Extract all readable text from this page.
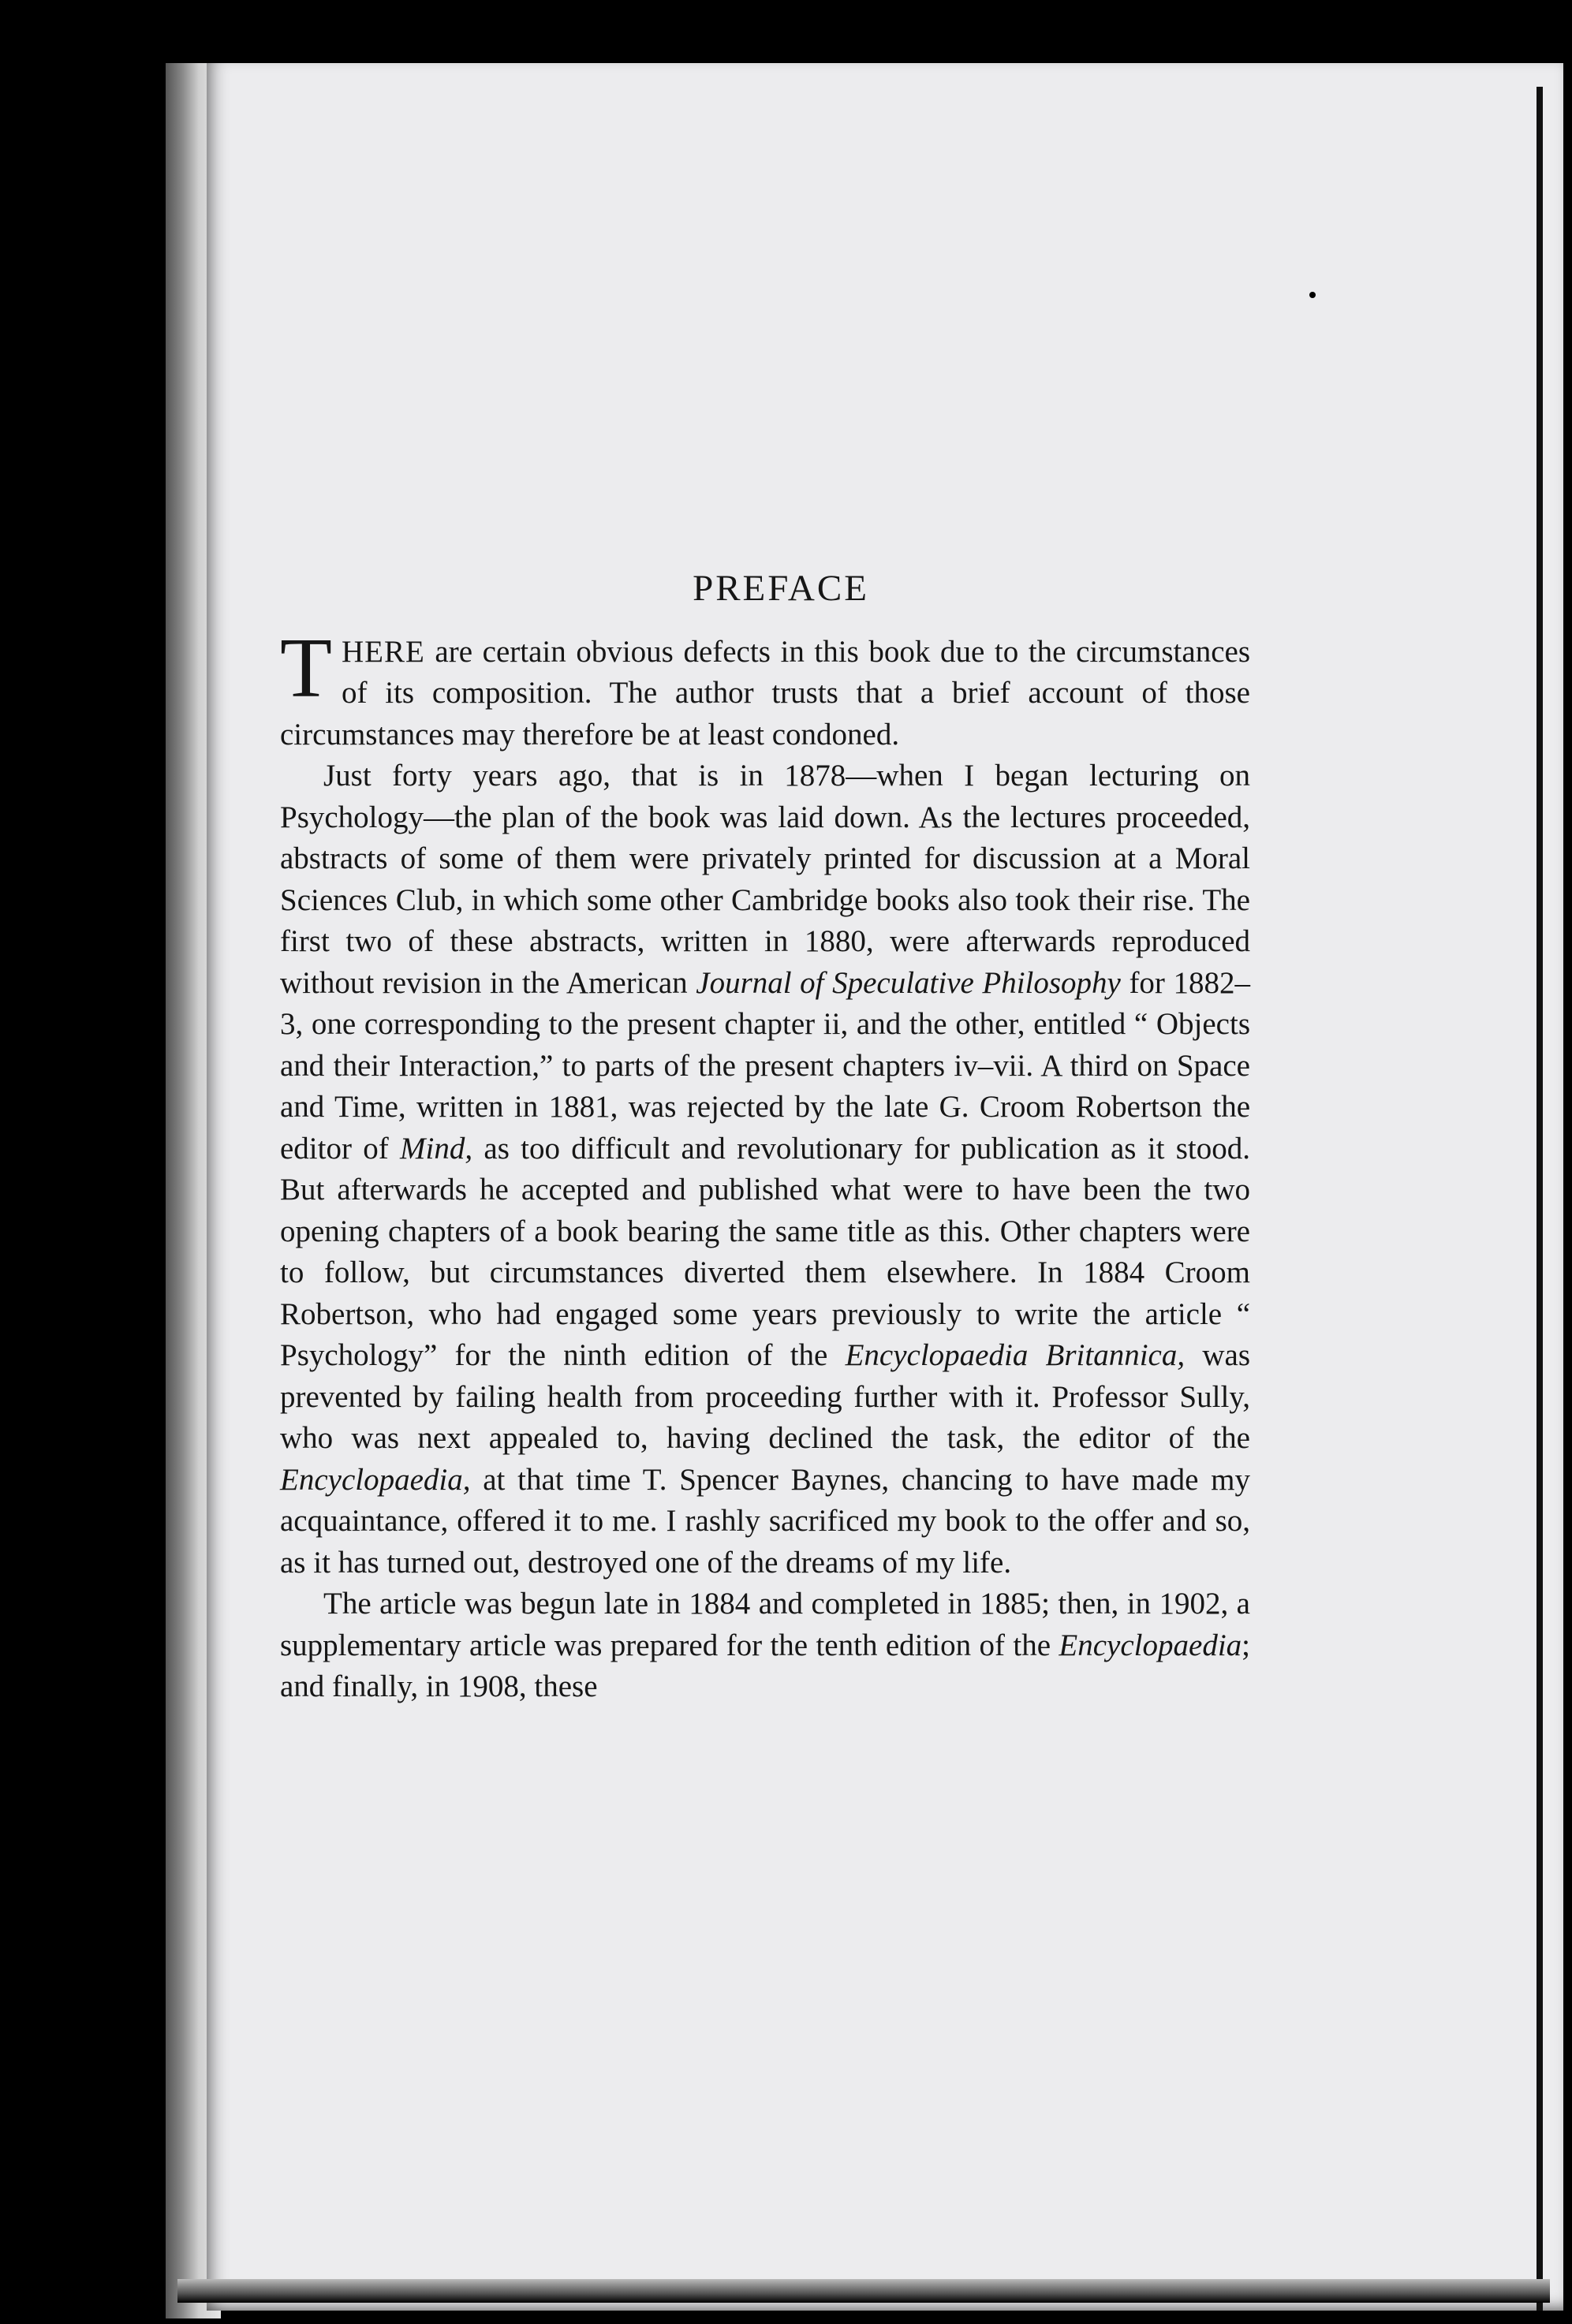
PREFACE

THERE are certain obvious defects in this book due to the circumstances of its composition. The author trusts that a brief account of those circumstances may therefore be at least condoned.

Just forty years ago, that is in 1878—when I began lecturing on Psychology—the plan of the book was laid down. As the lectures proceeded, abstracts of some of them were privately printed for discussion at a Moral Sciences Club, in which some other Cambridge books also took their rise. The first two of these abstracts, written in 1880, were afterwards reproduced without revision in the American Journal of Speculative Philosophy for 1882–3, one corresponding to the present chapter ii, and the other, entitled “ Objects and their Interaction,” to parts of the present chapters iv–vii. A third on Space and Time, written in 1881, was rejected by the late G. Croom Robertson the editor of Mind, as too difficult and revolutionary for publication as it stood. But afterwards he accepted and published what were to have been the two opening chapters of a book bearing the same title as this. Other chapters were to follow, but circumstances diverted them elsewhere. In 1884 Croom Robertson, who had engaged some years previously to write the article “ Psychology” for the ninth edition of the Encyclopaedia Britannica, was prevented by failing health from proceeding further with it. Professor Sully, who was next appealed to, having declined the task, the editor of the Encyclopaedia, at that time T. Spencer Baynes, chancing to have made my acquaintance, offered it to me. I rashly sacrificed my book to the offer and so, as it has turned out, destroyed one of the dreams of my life.

The article was begun late in 1884 and completed in 1885; then, in 1902, a supplementary article was prepared for the tenth edition of the Encyclopaedia; and finally, in 1908, these
